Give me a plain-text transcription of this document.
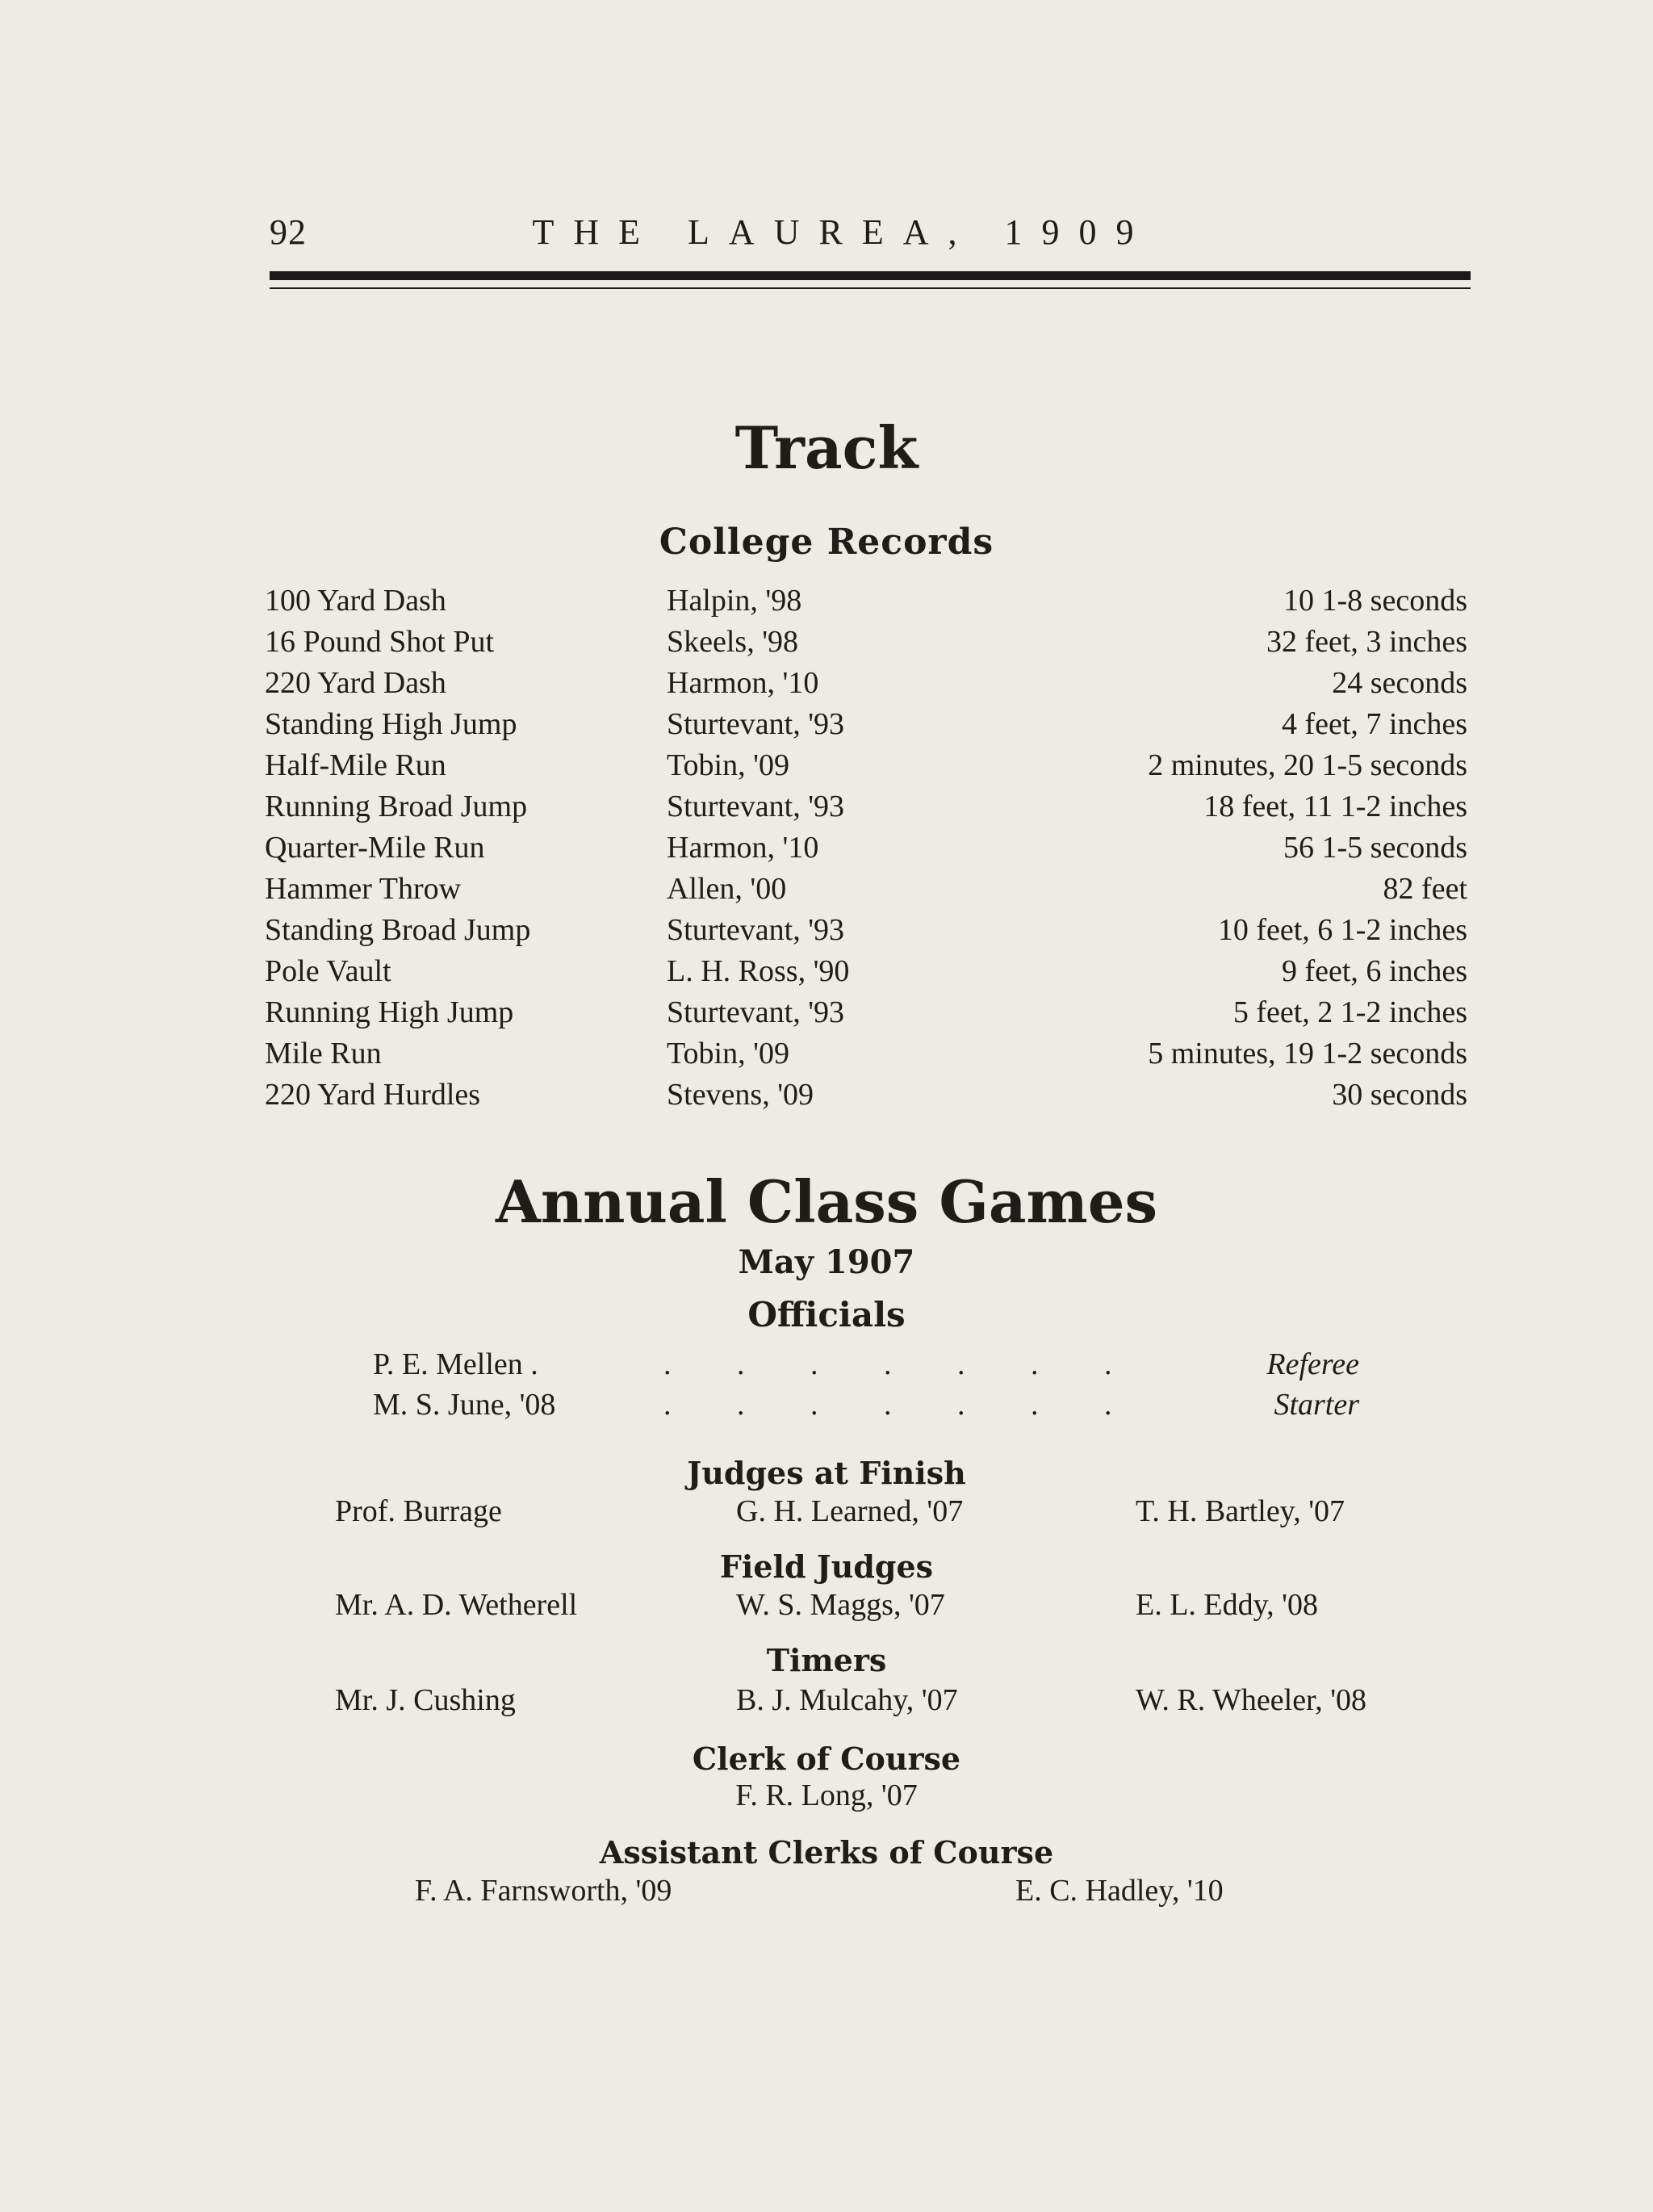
92	THE LAUREA, 1909
Track
College Records
100 Yard Dash	Halpin, '98	10 1-8 seconds
16 Pound Shot Put	Skeels, '98	32 feet, 3 inches
220 Yard Dash	Harmon, '10	24 seconds
Standing High Jump	Sturtevant, '93	4 feet, 7 inches
Half-Mile Run	Tobin, '09	2 minutes, 20 1-5 seconds
Running Broad Jump	Sturtevant, '93	18 feet, 11 1-2 inches
Quarter-Mile Run	Harmon, '10	56 1-5 seconds
Hammer Throw	Allen, '00	82 feet
Standing Broad Jump	Sturtevant, '93	10 feet, 6 1-2 inches
Pole Vault	L. H. Ross, '90	9 feet, 6 inches
Running High Jump	Sturtevant, '93	5 feet, 2 1-2 inches
Mile Run	Tobin, '09	5 minutes, 19 1-2 seconds
220 Yard Hurdles	Stevens, '09	30 seconds
Annual Class Games
May 1907
Officials
P. E. Mellen .	. . . . . . .	Referee
M. S. June, '08	. . . . . . .	Starter
Judges at Finish
Prof. Burrage	G. H. Learned, '07	T. H. Bartley, '07
Field Judges
Mr. A. D. Wetherell	W. S. Maggs, '07	E. L. Eddy, '08
Timers
Mr. J. Cushing	B. J. Mulcahy, '07	W. R. Wheeler, '08
Clerk of Course
F. R. Long, '07
Assistant Clerks of Course
F. A. Farnsworth, '09	E. C. Hadley, '10
